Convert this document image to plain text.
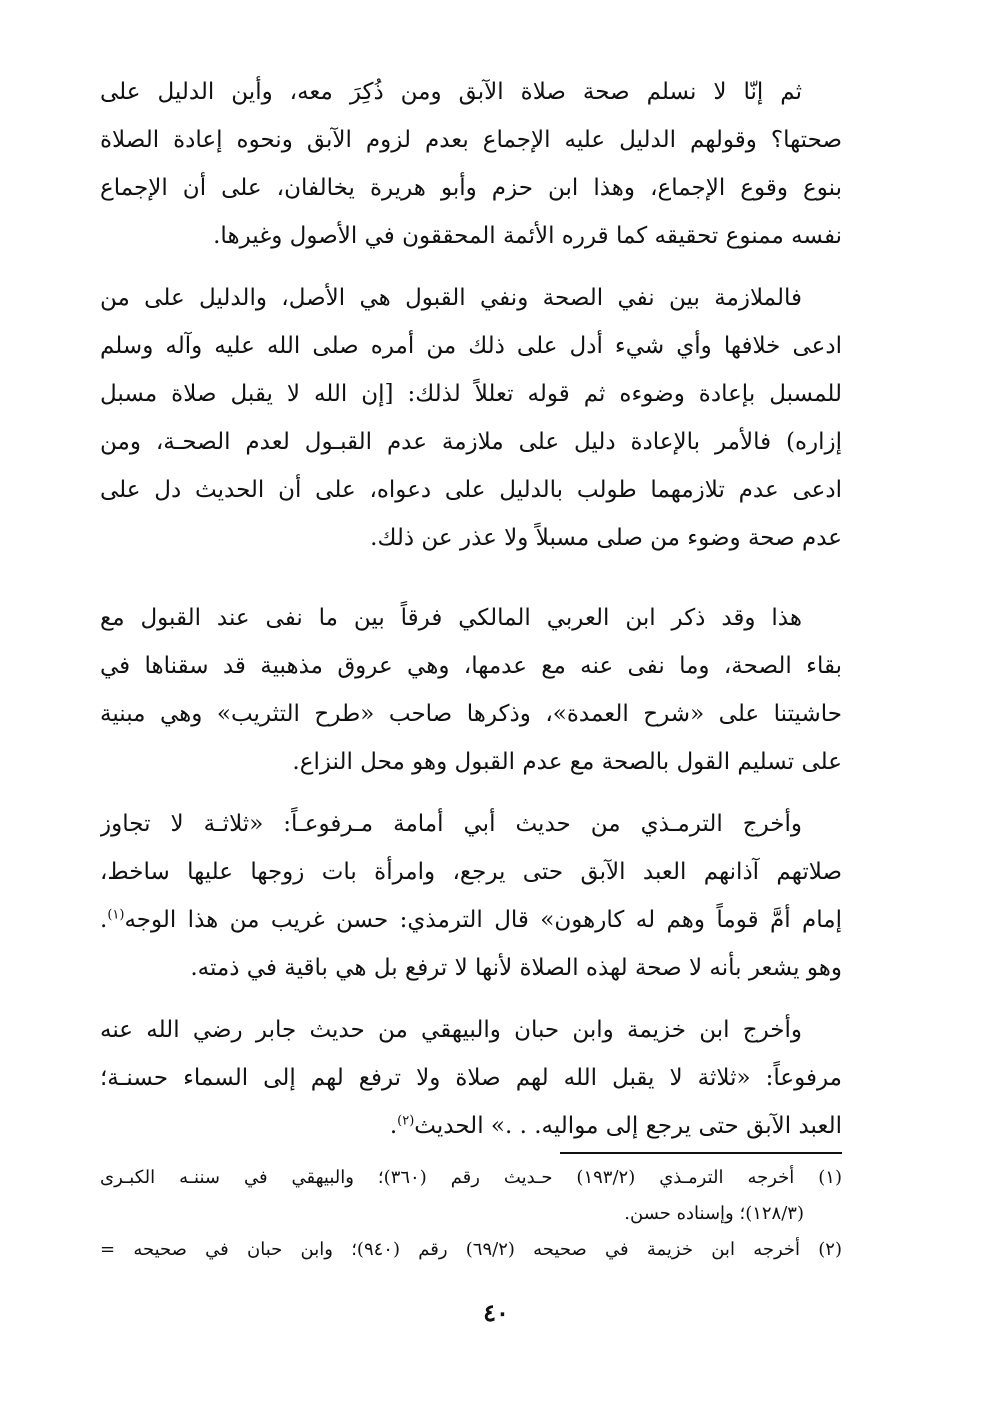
ثم إنّا لا نسلم صحة صلاة الآبق ومن ذُكِرَ معه، وأين الدليل على
صحتها؟ وقولهم الدليل عليه الإجماع بعدم لزوم الآبق ونحوه إعادة الصلاة
بنوع وقوع الإجماع، وهذا ابن حزم وأبو هريرة يخالفان، على أن الإجماع
نفسه ممنوع تحقيقه كما قرره الأئمة المحققون في الأصول وغيرها.

فالملازمة بين نفي الصحة ونفي القبول هي الأصل، والدليل على من
ادعى خلافها وأي شيء أدل على ذلك من أمره صلى الله عليه وآله وسلم
للمسبل بإعادة وضوءه ثم قوله تعللاً لذلك: [إن الله لا يقبل صلاة مسبل
إزاره) فالأمر بالإعادة دليل على ملازمة عدم القبـول لعدم الصحـة، ومن
ادعى عدم تلازمهما طولب بالدليل على دعواه، على أن الحديث دل على
عدم صحة وضوء من صلى مسبلاً ولا عذر عن ذلك.

هذا وقد ذكر ابن العربي المالكي فرقاً بين ما نفى عند القبول مع
بقاء الصحة، وما نفى عنه مع عدمها، وهي عروق مذهبية قد سقناها في
حاشيتنا على «شرح العمدة»، وذكرها صاحب «طرح التثريب» وهي مبنية
على تسليم القول بالصحة مع عدم القبول وهو محل النزاع.

وأخرج الترمـذي من حديث أبي أمامة مـرفوعـاً: «ثلاثـة لا تجاوز
صلاتهم آذانهم العبد الآبق حتى يرجع، وامرأة بات زوجها عليها ساخط،
إمام أمَّ قوماً وهم له كارهون» قال الترمذي: حسن غريب من هذا الوجه$^{(١)}$.
وهو يشعر بأنه لا صحة لهذه الصلاة لأنها لا ترفع بل هي باقية في ذمته.

وأخرج ابن خزيمة وابن حبان والبيهقي من حديث جابر رضي الله عنه
مرفوعاً: «ثلاثة لا يقبل الله لهم صلاة ولا ترفع لهم إلى السماء حسنـة؛
العبد الآبق حتى يرجع إلى مواليه. . .» الحديث$^{(٢)}$.

(١) أخرجه الترمـذي (١٩٣/٢) حـديث رقم (٣٦٠)؛ والبيهقي في سننـه الكبـرى
(١٢٨/٣)؛ وإسناده حسن.

(٢) أخرجه ابن خزيمة في صحيحه (٦٩/٢) رقم (٩٤٠)؛ وابن حبان في صحيحه =

٤٠
